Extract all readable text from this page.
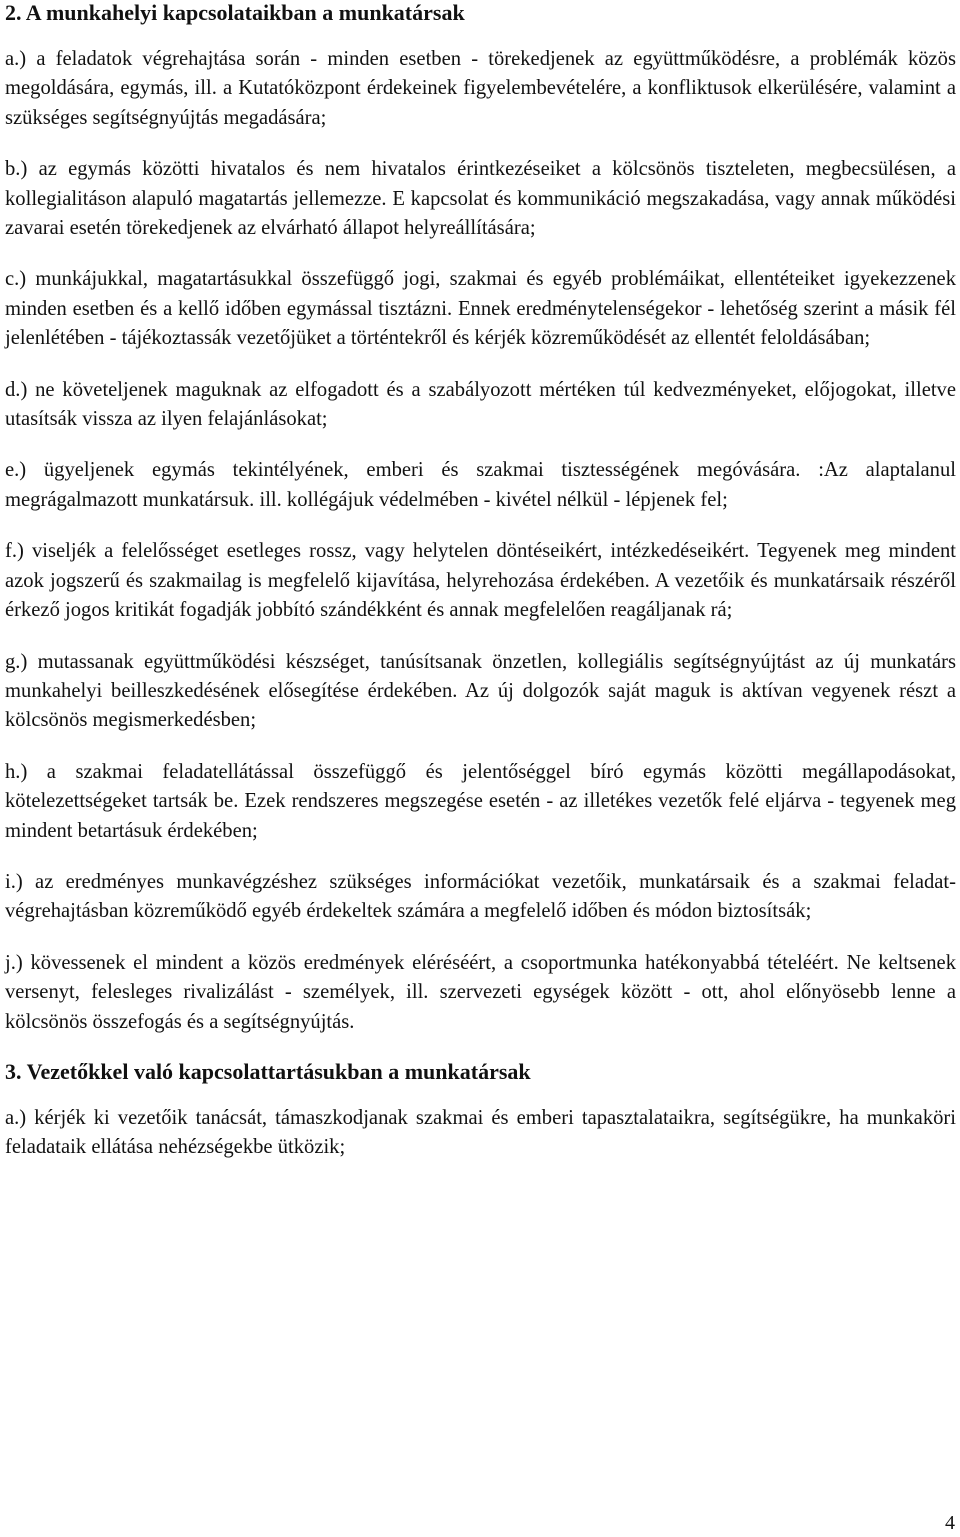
2. A munkahelyi kapcsolataikban a munkatársak

a.) a feladatok végrehajtása során - minden esetben - törekedjenek az együttműködésre, a problémák közös megoldására, egymás, ill. a Kutatóközpont érdekeinek figyelembevételére, a konfliktusok elkerülésére, valamint a szükséges segítségnyújtás megadására;

b.) az egymás közötti hivatalos és nem hivatalos érintkezéseiket a kölcsönös tiszteleten, megbecsülésen, a kollegialitáson alapuló magatartás jellemezze. E kapcsolat és kommunikáció megszakadása, vagy annak működési zavarai esetén törekedjenek az elvárható állapot helyreállítására;

c.) munkájukkal, magatartásukkal összefüggő jogi, szakmai és egyéb problémáikat, ellentéteiket igyekezzenek minden esetben és a kellő időben egymással tisztázni. Ennek eredménytelenségekor - lehetőség szerint a másik fél jelenlétében - tájékoztassák vezetőjüket a történtekről és kérjék közreműködését az ellentét feloldásában;

d.) ne követeljenek maguknak az elfogadott és a szabályozott mértéken túl kedvezményeket, előjogokat, illetve utasítsák vissza az ilyen felajánlásokat;

e.) ügyeljenek egymás tekintélyének, emberi és szakmai tisztességének megóvására. :Az alaptalanul megrágalmazott munkatársuk. ill. kollégájuk védelmében - kivétel nélkül - lépjenek fel;

f.) viseljék a felelősséget esetleges rossz, vagy helytelen döntéseikért, intézkedéseikért. Tegyenek meg mindent azok jogszerű és szakmailag is megfelelő kijavítása, helyrehozása érdekében. A vezetőik és munkatársaik részéről érkező jogos kritikát fogadják jobbító szándékként és annak megfelelően reagáljanak rá;

g.) mutassanak együttműködési készséget, tanúsítsanak önzetlen, kollegiális segítségnyújtást az új munkatárs munkahelyi beilleszkedésének elősegítése érdekében. Az új dolgozók saját maguk is aktívan vegyenek részt a kölcsönös megismerkedésben;

h.) a szakmai feladatellátással összefüggő és jelentőséggel bíró egymás közötti megállapodásokat, kötelezettségeket tartsák be. Ezek rendszeres megszegése esetén - az illetékes vezetők felé eljárva - tegyenek meg mindent betartásuk érdekében;

i.) az eredményes munkavégzéshez szükséges információkat vezetőik, munkatársaik és a szakmai feladat-végrehajtásban közreműködő egyéb érdekeltek számára a megfelelő időben és módon biztosítsák;

j.) kövessenek el mindent a közös eredmények eléréséért, a csoportmunka hatékonyabbá tételéért. Ne keltsenek versenyt, felesleges rivalizálást - személyek, ill. szervezeti egységek között - ott, ahol előnyösebb lenne a kölcsönös összefogás és a segítségnyújtás.

3. Vezetőkkel való kapcsolattartásukban a munkatársak

a.) kérjék ki vezetőik tanácsát, támaszkodjanak szakmai és emberi tapasztalataikra, segítségükre, ha munkaköri feladataik ellátása nehézségekbe ütközik;

4
